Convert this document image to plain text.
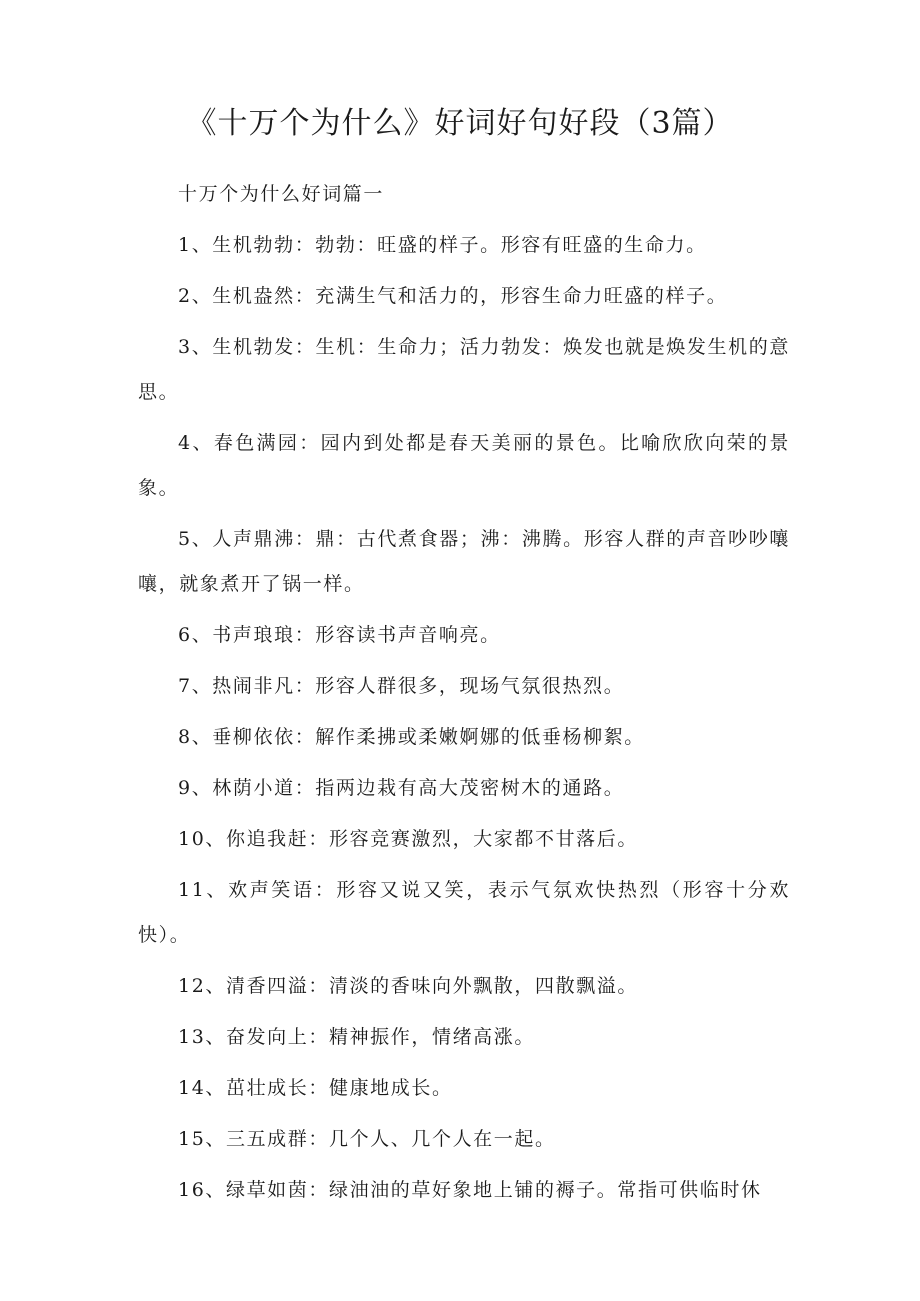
《十万个为什么》好词好句好段（3篇）

十万个为什么好词篇一

1、生机勃勃：勃勃：旺盛的样子。形容有旺盛的生命力。

2、生机盎然：充满生气和活力的，形容生命力旺盛的样子。

3、生机勃发：生机：生命力；活力勃发：焕发也就是焕发生机的意思。

4、春色满园：园内到处都是春天美丽的景色。比喻欣欣向荣的景象。

5、人声鼎沸：鼎：古代煮食器；沸：沸腾。形容人群的声音吵吵嚷嚷，就象煮开了锅一样。

6、书声琅琅：形容读书声音响亮。

7、热闹非凡：形容人群很多，现场气氛很热烈。

8、垂柳依依：解作柔拂或柔嫩婀娜的低垂杨柳絮。

9、林荫小道：指两边栽有高大茂密树木的通路。

10、你追我赶：形容竞赛激烈，大家都不甘落后。

11、欢声笑语：形容又说又笑，表示气氛欢快热烈（形容十分欢快）。

12、清香四溢：清淡的香味向外飘散，四散飘溢。

13、奋发向上：精神振作，情绪高涨。

14、茁壮成长：健康地成长。

15、三五成群：几个人、几个人在一起。

16、绿草如茵：绿油油的草好象地上铺的褥子。常指可供临时休
